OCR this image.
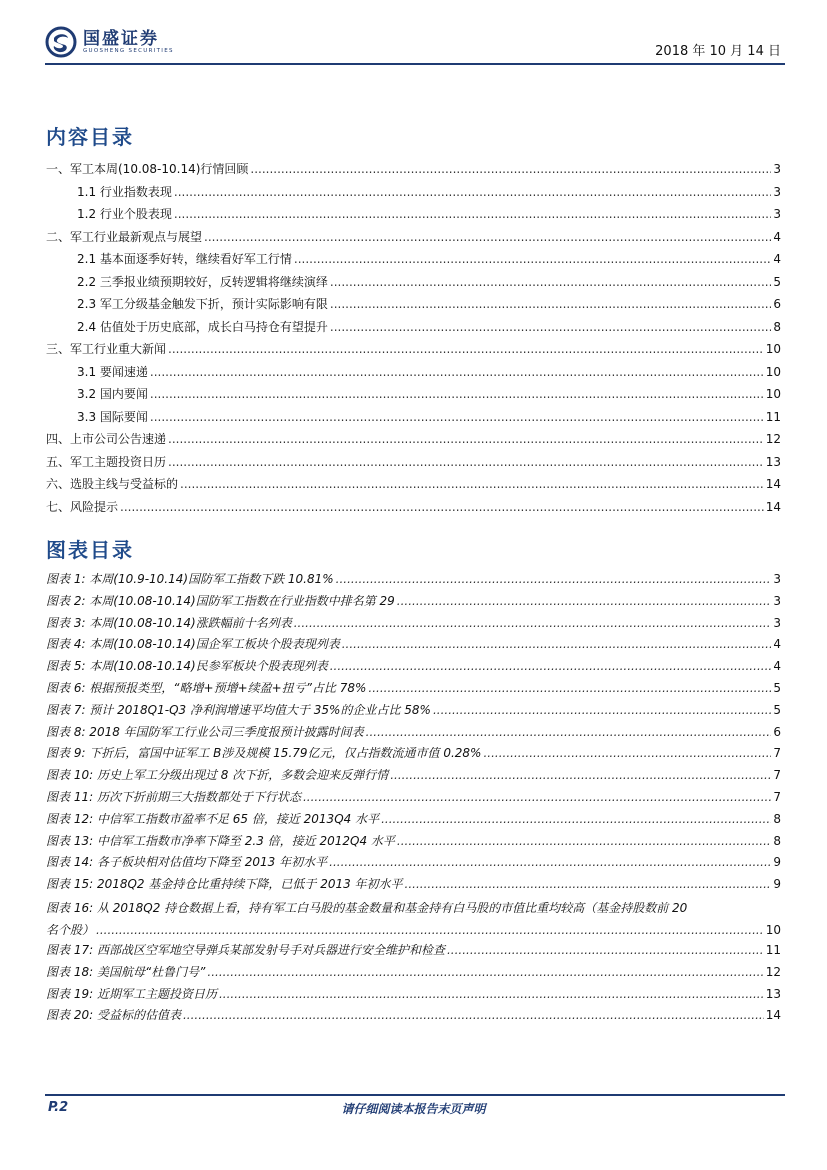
国盛证券
GUOSHENG SECURITIES	2018 年 10 月 14 日
内容目录
一、军工本周(10.08-10.14)行情回顾 .....	3
1.1 行业指数表现 .....	3
1.2 行业个股表现 .....	3
二、军工行业最新观点与展望 .....	4
2.1 基本面逐季好转，继续看好军工行情 .....	4
2.2 三季报业绩预期较好，反转逻辑将继续演绎 .....	5
2.3 军工分级基金触发下折，预计实际影响有限 .....	6
2.4 估值处于历史底部，成长白马持仓有望提升 .....	8
三、军工行业重大新闻 .....	10
3.1 要闻速递 .....	10
3.2 国内要闻 .....	10
3.3 国际要闻 .....	11
四、上市公司公告速递 .....	12
五、军工主题投资日历 .....	13
六、选股主线与受益标的 .....	14
七、风险提示 .....	14
图表目录
图表 1: 本周(10.9-10.14)国防军工指数下跌 10.81% .....	3
图表 2: 本周(10.08-10.14)国防军工指数在行业指数中排名第 29 .....	3
图表 3: 本周(10.08-10.14)涨跌幅前十名列表 .....	3
图表 4: 本周(10.08-10.14)国企军工板块个股表现列表 .....	4
图表 5: 本周(10.08-10.14)民参军板块个股表现列表 .....	4
图表 6: 根据预报类型，“略增+预增+续盈+扭亏”占比 78% .....	5
图表 7: 预计 2018Q1-Q3 净利润增速平均值大于 35%的企业占比 58% .....	5
图表 8: 2018 年国防军工行业公司三季度报预计披露时间表 .....	6
图表 9: 下折后，富国中证军工 B涉及规模 15.79亿元，仅占指数流通市值 0.28% .....	7
图表 10: 历史上军工分级出现过 8 次下折，多数会迎来反弹行情 .....	7
图表 11: 历次下折前期三大指数都处于下行状态 .....	7
图表 12: 中信军工指数市盈率不足 65 倍，接近 2013Q4 水平 .....	8
图表 13: 中信军工指数市净率下降至 2.3 倍，接近 2012Q4 水平 .....	8
图表 14: 各子板块相对估值均下降至 2013 年初水平 .....	9
图表 15: 2018Q2 基金持仓比重持续下降，已低于 2013 年初水平 .....	9
图表 16: 从 2018Q2 持仓数据上看，持有军工白马股的基金数量和基金持有白马股的市值比重均较高（基金持股数前 20
名个股） .....	10
图表 17: 西部战区空军地空导弹兵某部发射号手对兵器进行安全维护和检查 .....	11
图表 18: 美国航母“杜鲁门号” .....	12
图表 19: 近期军工主题投资日历 .....	13
图表 20: 受益标的估值表 .....	14
P.2	请仔细阅读本报告末页声明
